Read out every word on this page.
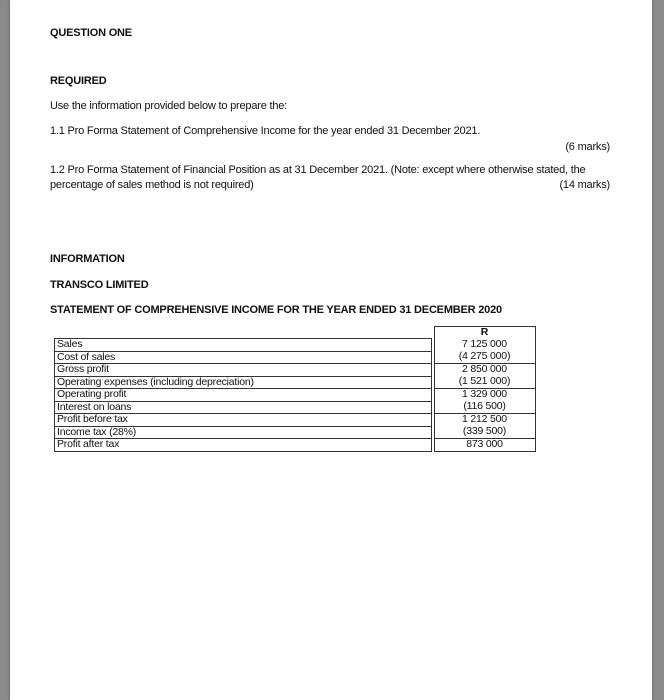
QUESTION ONE
REQUIRED
Use the information provided below to prepare the:
1.1 Pro Forma Statement of Comprehensive Income for the year ended 31 December 2021.
(6 marks)
1.2 Pro Forma Statement of Financial Position as at 31 December 2021. (Note: except where otherwise stated, the
percentage of sales method is not required)	(14 marks)
INFORMATION
TRANSCO LIMITED
STATEMENT OF COMPREHENSIVE INCOME FOR THE YEAR ENDED 31 DECEMBER 2020
		R
Sales		7 125 000
Cost of sales		(4 275 000)
Gross profit		2 850 000
Operating expenses (including depreciation)		(1 521 000)
Operating profit		1 329 000
Interest on loans		(116 500)
Profit before tax		1 212 500
Income tax (28%)		(339 500)
Profit after tax		873 000
